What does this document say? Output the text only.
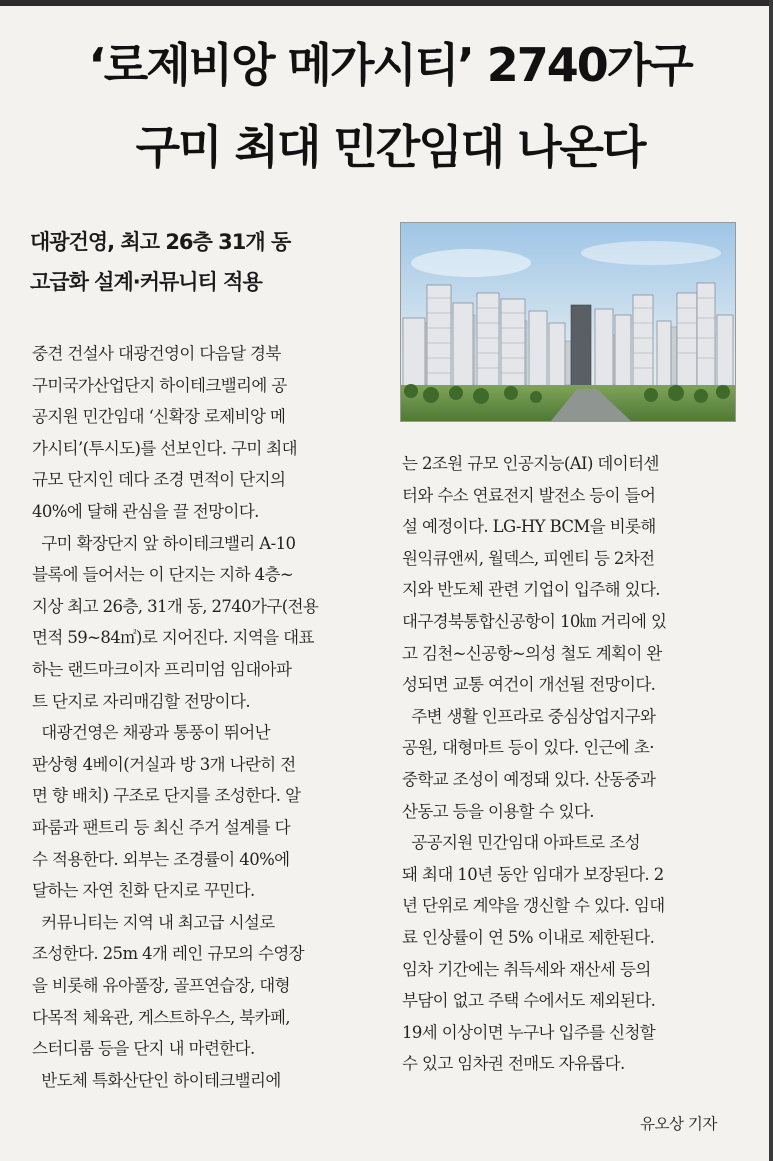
‘로제비앙 메가시티’ 2740가구
구미 최대 민간임대 나온다
대광건영, 최고 26층 31개 동
고급화 설계·커뮤니티 적용
중견 건설사 대광건영이 다음달 경북
구미국가산업단지 하이테크밸리에 공
공지원 민간임대 ‘신확장 로제비앙 메
가시티’(투시도)를 선보인다. 구미 최대
규모 단지인 데다 조경 면적이 단지의
40%에 달해 관심을 끌 전망이다.
구미 확장단지 앞 하이테크밸리 A-10
블록에 들어서는 이 단지는 지하 4층~
지상 최고 26층, 31개 동, 2740가구(전용
면적 59~84㎡)로 지어진다. 지역을 대표
하는 랜드마크이자 프리미엄 임대아파
트 단지로 자리매김할 전망이다.
대광건영은 채광과 통풍이 뛰어난
판상형 4베이(거실과 방 3개 나란히 전
면 향 배치) 구조로 단지를 조성한다. 알
파룸과 팬트리 등 최신 주거 설계를 다
수 적용한다. 외부는 조경률이 40%에
달하는 자연 친화 단지로 꾸민다.
커뮤니티는 지역 내 최고급 시설로
조성한다. 25m 4개 레인 규모의 수영장
을 비롯해 유아풀장, 골프연습장, 대형
다목적 체육관, 게스트하우스, 북카페,
스터디룸 등을 단지 내 마련한다.
반도체 특화산단인 하이테크밸리에
는 2조원 규모 인공지능(AI) 데이터센
터와 수소 연료전지 발전소 등이 들어
설 예정이다. LG-HY BCM을 비롯해
원익큐앤씨, 월덱스, 피엔티 등 2차전
지와 반도체 관련 기업이 입주해 있다.
대구경북통합신공항이 10㎞ 거리에 있
고 김천~신공항~의성 철도 계획이 완
성되면 교통 여건이 개선될 전망이다.
주변 생활 인프라로 중심상업지구와
공원, 대형마트 등이 있다. 인근에 초·
중학교 조성이 예정돼 있다. 산동중과
산동고 등을 이용할 수 있다.
공공지원 민간임대 아파트로 조성
돼 최대 10년 동안 임대가 보장된다. 2
년 단위로 계약을 갱신할 수 있다. 임대
료 인상률이 연 5% 이내로 제한된다.
임차 기간에는 취득세와 재산세 등의
부담이 없고 주택 수에서도 제외된다.
19세 이상이면 누구나 입주를 신청할
수 있고 임차권 전매도 자유롭다.
유오상 기자
